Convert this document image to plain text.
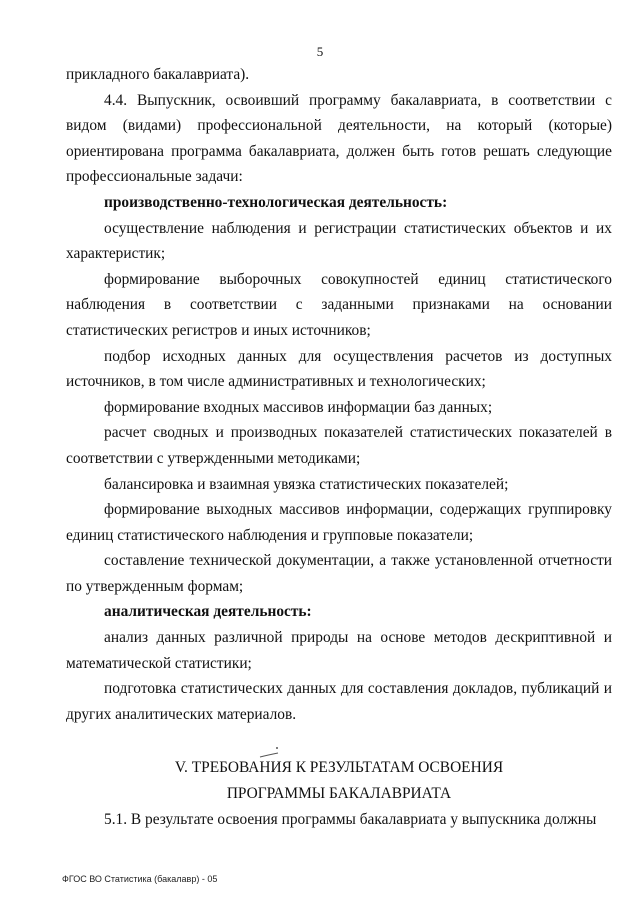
5

прикладного бакалавриата).

4.4. Выпускник, освоивший программу бакалавриата, в соответствии с видом (видами) профессиональной деятельности, на который (которые) ориентирована программа бакалавриата, должен быть готов решать следующие профессиональные задачи:

производственно-технологическая деятельность:

осуществление наблюдения и регистрации статистических объектов и их характеристик;

формирование выборочных совокупностей единиц статистического наблюдения в соответствии с заданными признаками на основании статистических регистров и иных источников;

подбор исходных данных для осуществления расчетов из доступных источников, в том числе административных и технологических;

формирование входных массивов информации баз данных;

расчет сводных и производных показателей статистических показателей в соответствии с утвержденными методиками;

балансировка и взаимная увязка статистических показателей;

формирование выходных массивов информации, содержащих группировку единиц статистического наблюдения и групповые показатели;

составление технической документации, а также установленной отчетности по утвержденным формам;

аналитическая деятельность:

анализ данных различной природы на основе методов дескриптивной и математической статистики;

подготовка статистических данных для составления докладов, публикаций и других аналитических материалов.

V. ТРЕБОВАНИЯ К РЕЗУЛЬТАТАМ ОСВОЕНИЯ

ПРОГРАММЫ БАКАЛАВРИАТА

5.1. В результате освоения программы бакалавриата у выпускника должны

ФГОС ВО Статистика (бакалавр) - 05
